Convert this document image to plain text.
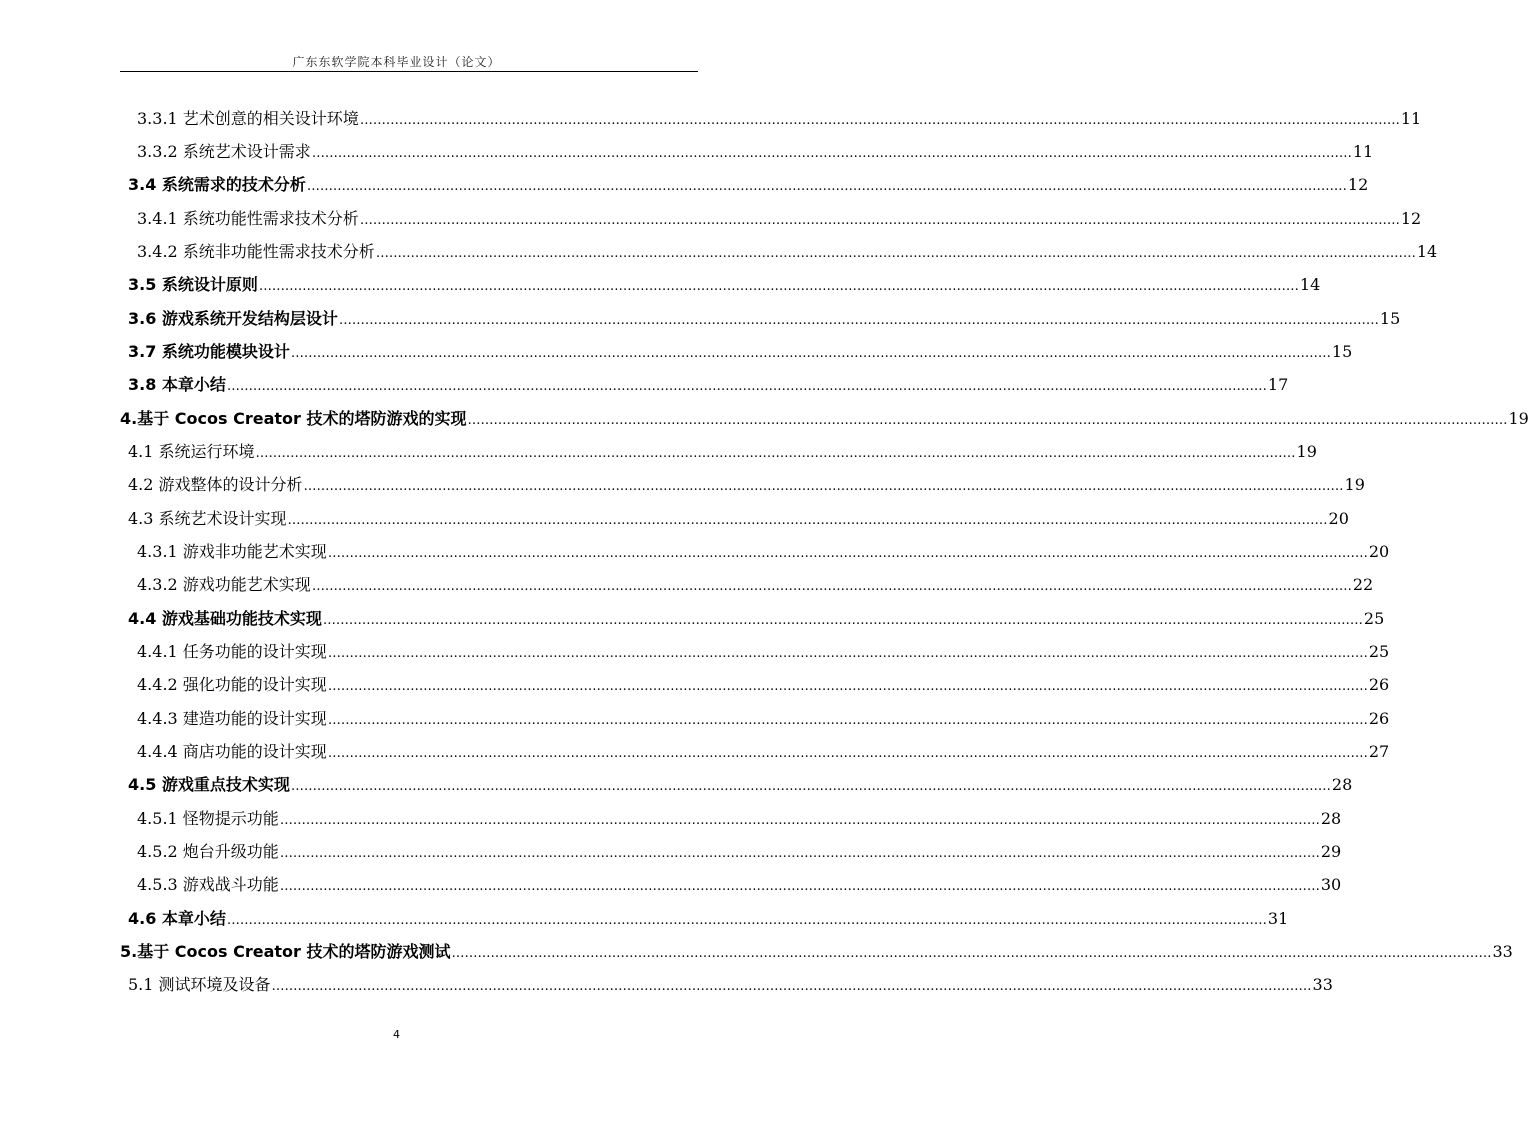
广东东软学院本科毕业设计（论文）
3.3.1 艺术创意的相关设计环境 …………………………………………………………………………………………………………………………………………………………………………………………………………………… 11
3.3.2 系统艺术设计需求 …………………………………………………………………………………………………………………………………………………………………………………………………………………… 11
3.4 系统需求的技术分析 …………………………………………………………………………………………………………………………………………………………………………………………………………………… 12
3.4.1 系统功能性需求技术分析 …………………………………………………………………………………………………………………………………………………………………………………………………………………… 12
3.4.2 系统非功能性需求技术分析 …………………………………………………………………………………………………………………………………………………………………………………………………………………… 14
3.5 系统设计原则 …………………………………………………………………………………………………………………………………………………………………………………………………………………… 14
3.6 游戏系统开发结构层设计 …………………………………………………………………………………………………………………………………………………………………………………………………………………… 15
3.7 系统功能模块设计 …………………………………………………………………………………………………………………………………………………………………………………………………………………… 15
3.8 本章小结 …………………………………………………………………………………………………………………………………………………………………………………………………………………… 17
4.基于 Cocos Creator 技术的塔防游戏的实现 …………………………………………………………………………………………………………………………………………………………………………………………………………………… 19
4.1 系统运行环境 …………………………………………………………………………………………………………………………………………………………………………………………………………………… 19
4.2 游戏整体的设计分析 …………………………………………………………………………………………………………………………………………………………………………………………………………………… 19
4.3 系统艺术设计实现 …………………………………………………………………………………………………………………………………………………………………………………………………………………… 20
4.3.1 游戏非功能艺术实现 …………………………………………………………………………………………………………………………………………………………………………………………………………………… 20
4.3.2 游戏功能艺术实现 …………………………………………………………………………………………………………………………………………………………………………………………………………………… 22
4.4 游戏基础功能技术实现 …………………………………………………………………………………………………………………………………………………………………………………………………………………… 25
4.4.1 任务功能的设计实现 …………………………………………………………………………………………………………………………………………………………………………………………………………………… 25
4.4.2 强化功能的设计实现 …………………………………………………………………………………………………………………………………………………………………………………………………………………… 26
4.4.3 建造功能的设计实现 …………………………………………………………………………………………………………………………………………………………………………………………………………………… 26
4.4.4 商店功能的设计实现 …………………………………………………………………………………………………………………………………………………………………………………………………………………… 27
4.5 游戏重点技术实现 …………………………………………………………………………………………………………………………………………………………………………………………………………………… 28
4.5.1 怪物提示功能 …………………………………………………………………………………………………………………………………………………………………………………………………………………… 28
4.5.2 炮台升级功能 …………………………………………………………………………………………………………………………………………………………………………………………………………………… 29
4.5.3 游戏战斗功能 …………………………………………………………………………………………………………………………………………………………………………………………………………………… 30
4.6 本章小结 …………………………………………………………………………………………………………………………………………………………………………………………………………………… 31
5.基于 Cocos Creator 技术的塔防游戏测试 …………………………………………………………………………………………………………………………………………………………………………………………………………………… 33
5.1 测试环境及设备 …………………………………………………………………………………………………………………………………………………………………………………………………………………… 33
4
